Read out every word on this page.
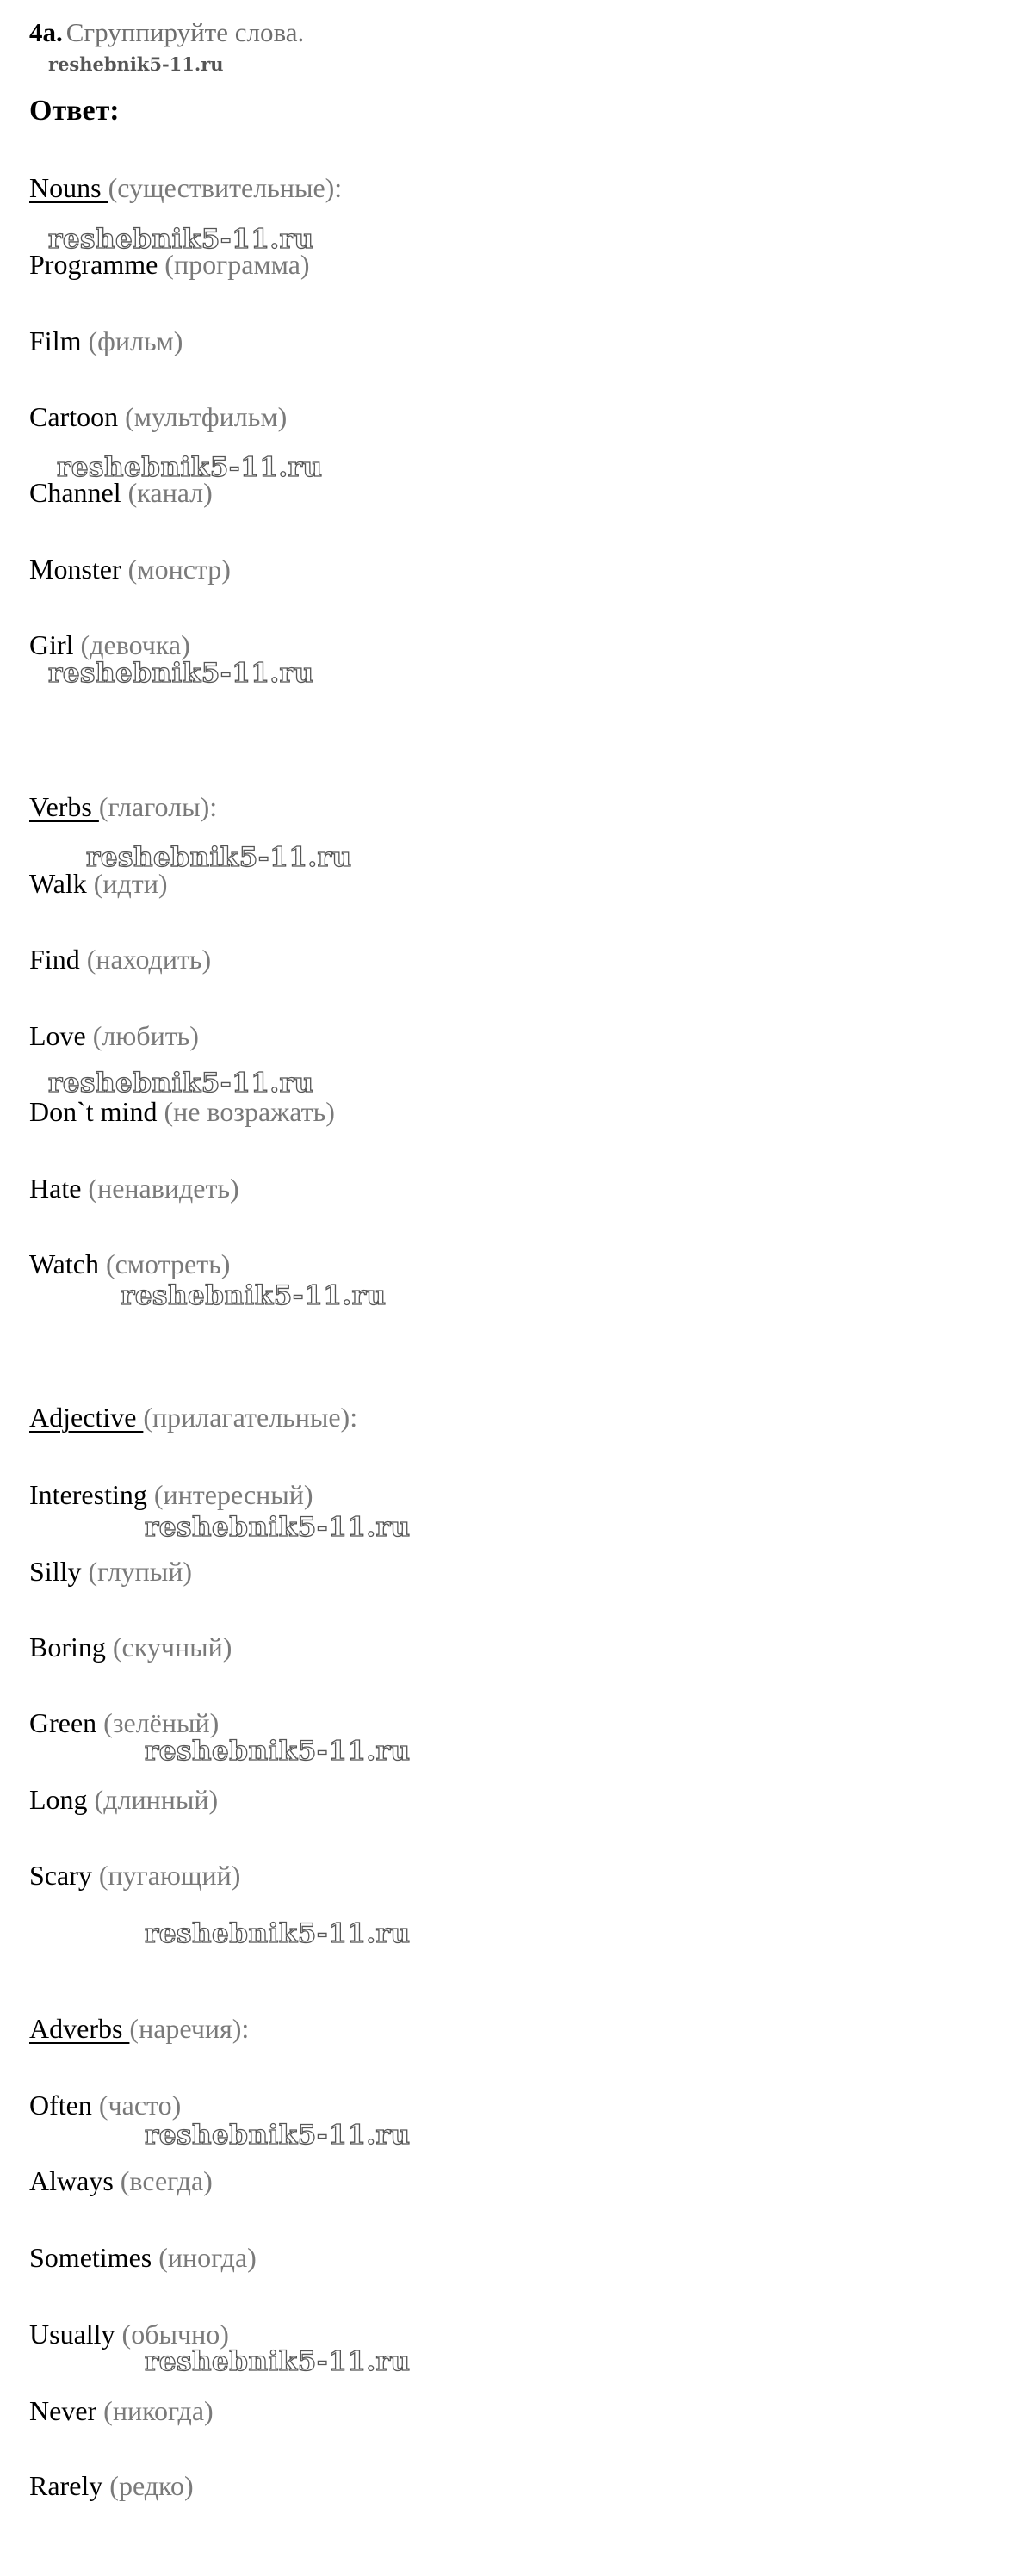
4a. Сгруппируйте слова.
reshebnik5-11.ru
Ответ:
Nouns (существительные):
Programme (программа)
Film (фильм)
Cartoon (мультфильм)
Channel (канал)
Monster (монстр)
Girl (девочка)
Verbs (глаголы):
Walk (идти)
Find (находить)
Love (любить)
Don`t mind (не возражать)
Hate (ненавидеть)
Watch (смотреть)
Adjective (прилагательные):
Interesting (интересный)
Silly (глупый)
Boring (скучный)
Green (зелёный)
Long (длинный)
Scary (пугающий)
Adverbs (наречия):
Often (часто)
Always (всегда)
Sometimes (иногда)
Usually (обычно)
Never (никогда)
Rarely (редко)
reshebnik5-11.ru
reshebnik5-11.ru
reshebnik5-11.ru
reshebnik5-11.ru
reshebnik5-11.ru
reshebnik5-11.ru
reshebnik5-11.ru
reshebnik5-11.ru
reshebnik5-11.ru
reshebnik5-11.ru
reshebnik5-11.ru
